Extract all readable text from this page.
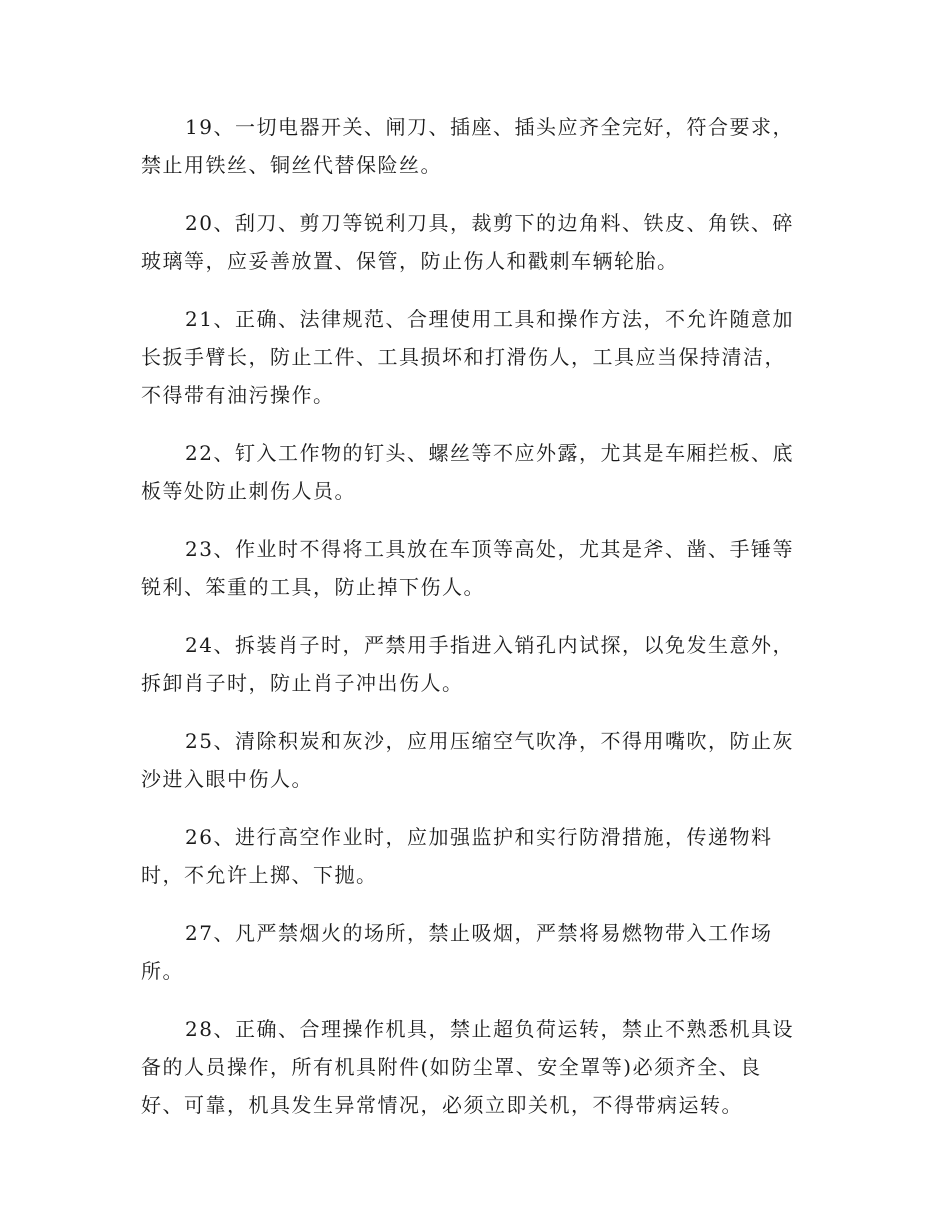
19、一切电器开关、闸刀、插座、插头应齐全完好，符合要求，
禁止用铁丝、铜丝代替保险丝。

20、刮刀、剪刀等锐利刀具，裁剪下的边角料、铁皮、角铁、碎
玻璃等，应妥善放置、保管，防止伤人和戳刺车辆轮胎。

21、正确、法律规范、合理使用工具和操作方法，不允许随意加
长扳手臂长，防止工件、工具损坏和打滑伤人，工具应当保持清洁，
不得带有油污操作。

22、钉入工作物的钉头、螺丝等不应外露，尤其是车厢拦板、底
板等处防止刺伤人员。

23、作业时不得将工具放在车顶等高处，尤其是斧、凿、手锤等
锐利、笨重的工具，防止掉下伤人。

24、拆装肖子时，严禁用手指进入销孔内试探，以免发生意外，
拆卸肖子时，防止肖子冲出伤人。

25、清除积炭和灰沙，应用压缩空气吹净，不得用嘴吹，防止灰
沙进入眼中伤人。

26、进行高空作业时，应加强监护和实行防滑措施，传递物料
时，不允许上掷、下抛。

27、凡严禁烟火的场所，禁止吸烟，严禁将易燃物带入工作场
所。

28、正确、合理操作机具，禁止超负荷运转，禁止不熟悉机具设
备的人员操作，所有机具附件(如防尘罩、安全罩等)必须齐全、良
好、可靠，机具发生异常情况，必须立即关机，不得带病运转。
